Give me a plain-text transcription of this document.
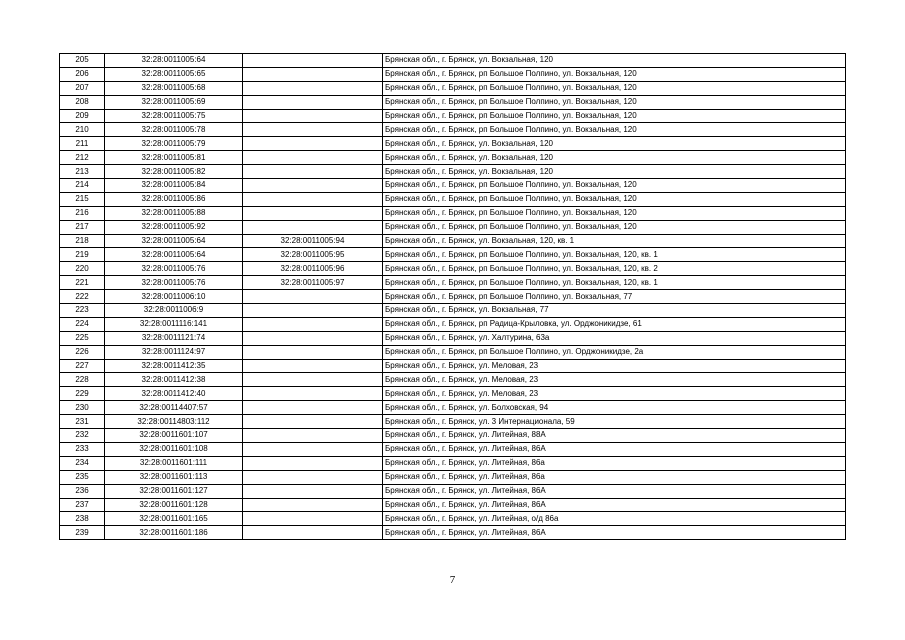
205	32:28:0011005:64		Брянская обл., г. Брянск, ул. Вокзальная, 120
206	32:28:0011005:65		Брянская обл., г. Брянск, рп Большое Полпино, ул. Вокзальная, 120
207	32:28:0011005:68		Брянская обл., г. Брянск, рп Большое Полпино, ул. Вокзальная, 120
208	32:28:0011005:69		Брянская обл., г. Брянск, рп Большое Полпино, ул. Вокзальная, 120
209	32:28:0011005:75		Брянская обл., г. Брянск, рп Большое Полпино, ул. Вокзальная, 120
210	32:28:0011005:78		Брянская обл., г. Брянск, рп Большое Полпино, ул. Вокзальная, 120
211	32:28:0011005:79		Брянская обл., г. Брянск, ул. Вокзальная, 120
212	32:28:0011005:81		Брянская обл., г. Брянск, ул. Вокзальная, 120
213	32:28:0011005:82		Брянская обл., г. Брянск, ул. Вокзальная, 120
214	32:28:0011005:84		Брянская обл., г. Брянск, рп Большое Полпино, ул. Вокзальная, 120
215	32:28:0011005:86		Брянская обл., г. Брянск, рп Большое Полпино, ул. Вокзальная, 120
216	32:28:0011005:88		Брянская обл., г. Брянск, рп Большое Полпино, ул. Вокзальная, 120
217	32:28:0011005:92		Брянская обл., г. Брянск, рп Большое Полпино, ул. Вокзальная, 120
218	32:28:0011005:64	32:28:0011005:94	Брянская обл., г. Брянск, ул. Вокзальная, 120, кв. 1
219	32:28:0011005:64	32:28:0011005:95	Брянская обл., г. Брянск, рп Большое Полпино, ул. Вокзальная, 120, кв. 1
220	32:28:0011005:76	32:28:0011005:96	Брянская обл., г. Брянск, рп Большое Полпино, ул. Вокзальная, 120, кв. 2
221	32:28:0011005:76	32:28:0011005:97	Брянская обл., г. Брянск, рп Большое Полпино, ул. Вокзальная, 120, кв. 1
222	32:28:0011006:10		Брянская обл., г. Брянск, рп Большое Полпино, ул. Вокзальная, 77
223	32:28:0011006:9		Брянская обл., г. Брянск, ул. Вокзальная, 77
224	32:28:0011116:141		Брянская обл., г. Брянск, рп Радица-Крыловка, ул. Орджоникидзе, 61
225	32:28:0011121:74		Брянская обл., г. Брянск, ул. Халтурина, 63а
226	32:28:0011124:97		Брянская обл., г. Брянск, рп Большое Полпино, ул. Орджоникидзе, 2а
227	32:28:0011412:35		Брянская обл., г. Брянск, ул. Меловая, 23
228	32:28:0011412:38		Брянская обл., г. Брянск, ул. Меловая, 23
229	32:28:0011412:40		Брянская обл., г. Брянск, ул. Меловая, 23
230	32:28:00114407:57		Брянская обл., г. Брянск, ул. Болховская, 94
231	32:28:00114803:112		Брянская обл., г. Брянск, ул. 3 Интернационала, 59
232	32:28:0011601:107		Брянская обл., г. Брянск, ул. Литейная, 88А
233	32:28:0011601:108		Брянская обл., г. Брянск, ул. Литейная, 86А
234	32:28:0011601:111		Брянская обл., г. Брянск, ул. Литейная, 86а
235	32:28:0011601:113		Брянская обл., г. Брянск, ул. Литейная, 86а
236	32:28:0011601:127		Брянская обл., г. Брянск, ул. Литейная, 86А
237	32:28:0011601:128		Брянская обл., г. Брянск, ул. Литейная, 86А
238	32:28:0011601:165		Брянская обл., г. Брянск, ул. Литейная, о/д 86а
239	32:28:0011601:186		Брянская обл., г. Брянск, ул. Литейная, 86А
7
